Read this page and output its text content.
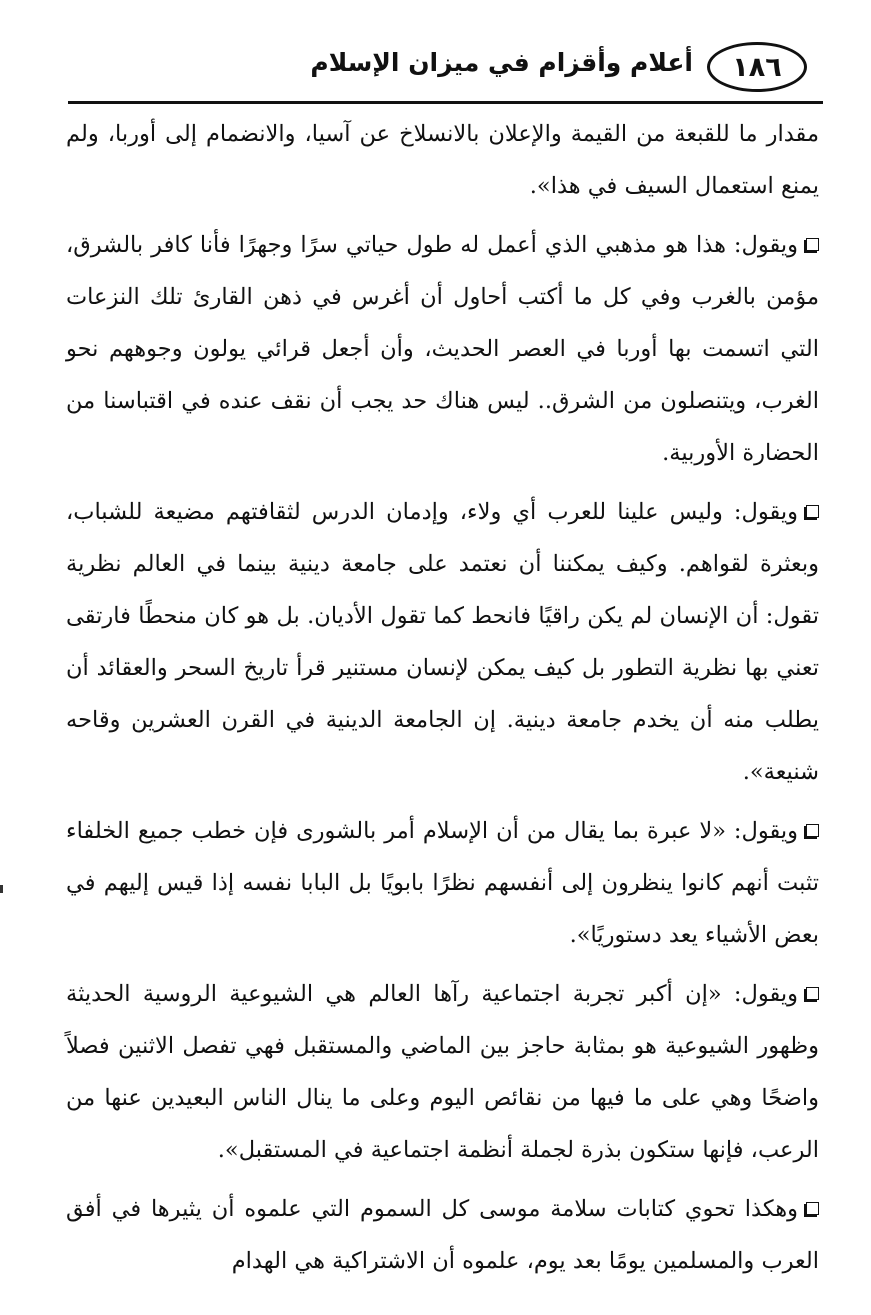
١٨٦
أعلام وأقزام في ميزان الإسلام

مقدار ما للقبعة من القيمة والإعلان بالانسلاخ عن آسيا، والانضمام إلى أوربا، ولم يمنع استعمال السيف في هذا».

ويقول: هذا هو مذهبي الذي أعمل له طول حياتي سرًا وجهرًا فأنا كافر بالشرق، مؤمن بالغرب وفي كل ما أكتب أحاول أن أغرس في ذهن القارئ تلك النزعات التي اتسمت بها أوربا في العصر الحديث، وأن أجعل قرائي يولون وجوههم نحو الغرب، ويتنصلون من الشرق.. ليس هناك حد يجب أن نقف عنده في اقتباسنا من الحضارة الأوربية.

ويقول: وليس علينا للعرب أي ولاء، وإدمان الدرس لثقافتهم مضيعة للشباب، وبعثرة لقواهم. وكيف يمكننا أن نعتمد على جامعة دينية بينما في العالم نظرية تقول: أن الإنسان لم يكن راقيًا فانحط كما تقول الأديان. بل هو كان منحطًا فارتقى تعني بها نظرية التطور بل كيف يمكن لإنسان مستنير قرأ تاريخ السحر والعقائد أن يطلب منه أن يخدم جامعة دينية. إن الجامعة الدينية في القرن العشرين وقاحه شنيعة».

ويقول: «لا عبرة بما يقال من أن الإسلام أمر بالشورى فإن خطب جميع الخلفاء تثبت أنهم كانوا ينظرون إلى أنفسهم نظرًا بابويًا بل البابا نفسه إذا قيس إليهم في بعض الأشياء يعد دستوريًا».

ويقول: «إن أكبر تجربة اجتماعية رآها العالم هي الشيوعية الروسية الحديثة وظهور الشيوعية هو بمثابة حاجز بين الماضي والمستقبل فهي تفصل الاثنين فصلاً واضحًا وهي على ما فيها من نقائص اليوم وعلى ما ينال الناس البعيدين عنها من الرعب، فإنها ستكون بذرة لجملة أنظمة اجتماعية في المستقبل».

وهكذا تحوي كتابات سلامة موسى كل السموم التي علموه أن يثيرها في أفق العرب والمسلمين يومًا بعد يوم، علموه أن الاشتراكية هي الهدام
